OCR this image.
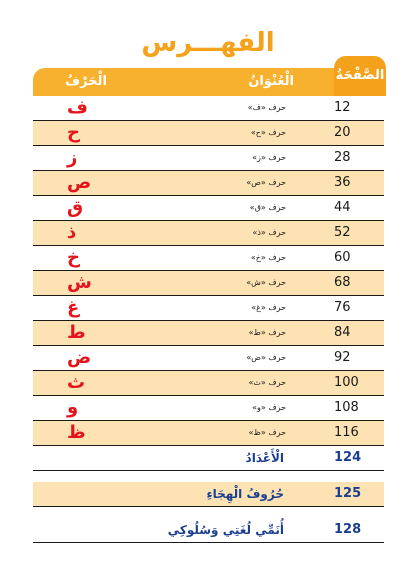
الفهـــرس
الصَّفْحَةُ
الْعُنْوَانُ
الْحَرْفُ
12
حرف «ف»
ف
20
حرف «ح»
ح
28
حرف «ز»
ز
36
حرف «ص»
ص
44
حرف «ق»
ق
52
حرف «ذ»
ذ
60
حرف «خ»
خ
68
حرف «ش»
ش
76
حرف «غ»
غ
84
حرف «ط»
ط
92
حرف «ض»
ض
100
حرف «ث»
ث
108
حرف «و»
و
116
حرف «ظ»
ظ
124
الْأَعْدَادُ
125
حُرُوفُ الْهِجَاءِ
128
أُنَمِّي لُغَتِي وَسُلُوكِي
